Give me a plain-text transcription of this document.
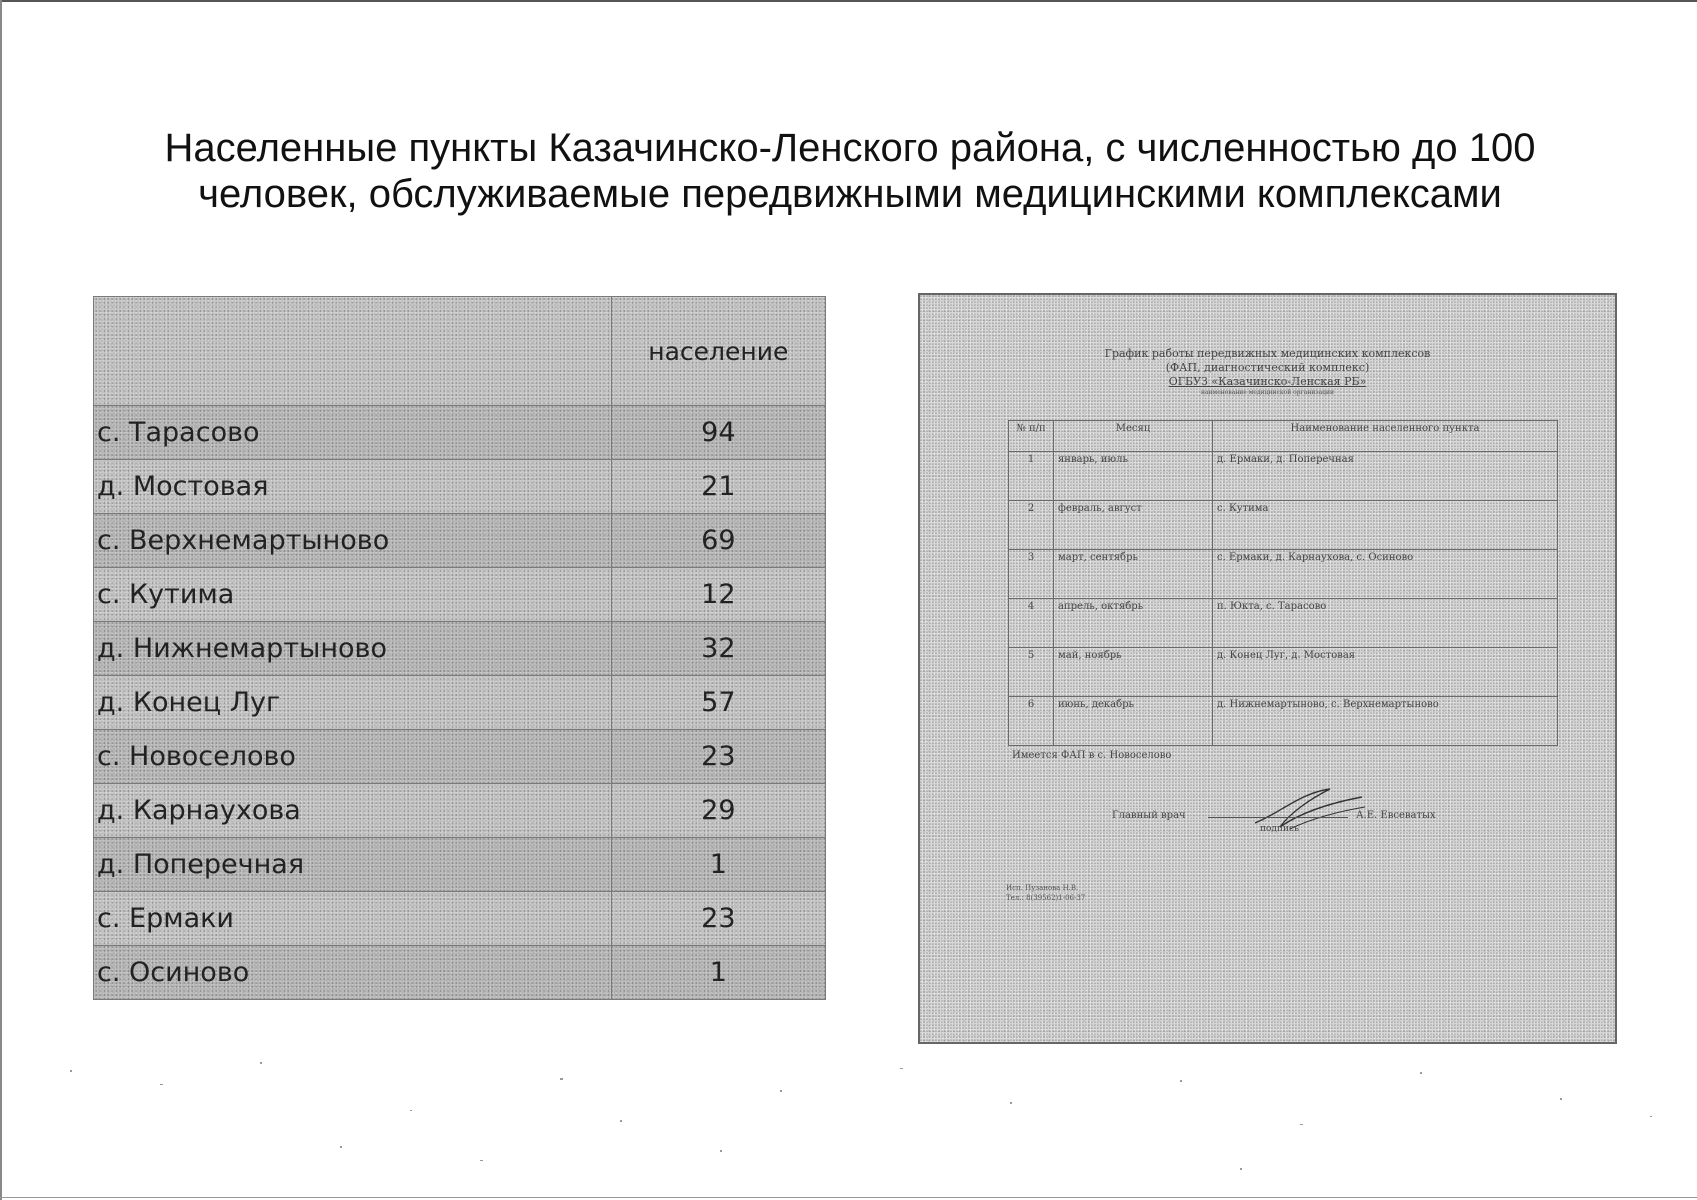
Населенные пункты Казачинско-Ленского района, с численностью до 100 человек, обслуживаемые передвижными медицинскими комплексами
	население
с. Тарасово	94
д. Мостовая	21
с. Верхнемартыново	69
с. Кутима	12
д. Нижнемартыново	32
д. Конец Луг	57
с. Новоселово	23
д. Карнаухова	29
д. Поперечная	1
с. Ермаки	23
с. Осиново	1
График работы передвижных медицинских комплексов
(ФАП, диагностический комплекс)
ОГБУЗ «Казачинско-Ленская РБ»
наименование медицинской организации
№ п/п	Месяц	Наименование населенного пункта
1	январь, июль	д. Ермаки, д. Поперечная
2	февраль, август	с. Кутима
3	март, сентябрь	с. Ермаки, д. Карнаухова, с. Осиново
4	апрель, октябрь	п. Юкта, с. Тарасово
5	май, ноябрь	д. Конец Луг, д. Мостовая
6	июнь, декабрь	д. Нижнемартыново, с. Верхнемартыново
Имеется ФАП в с. Новоселово
Главный врач	А.Е. Евсеватых
подпись
Исп. Пузанова Н.В.
Тел.: 8(39562)1-06-37
